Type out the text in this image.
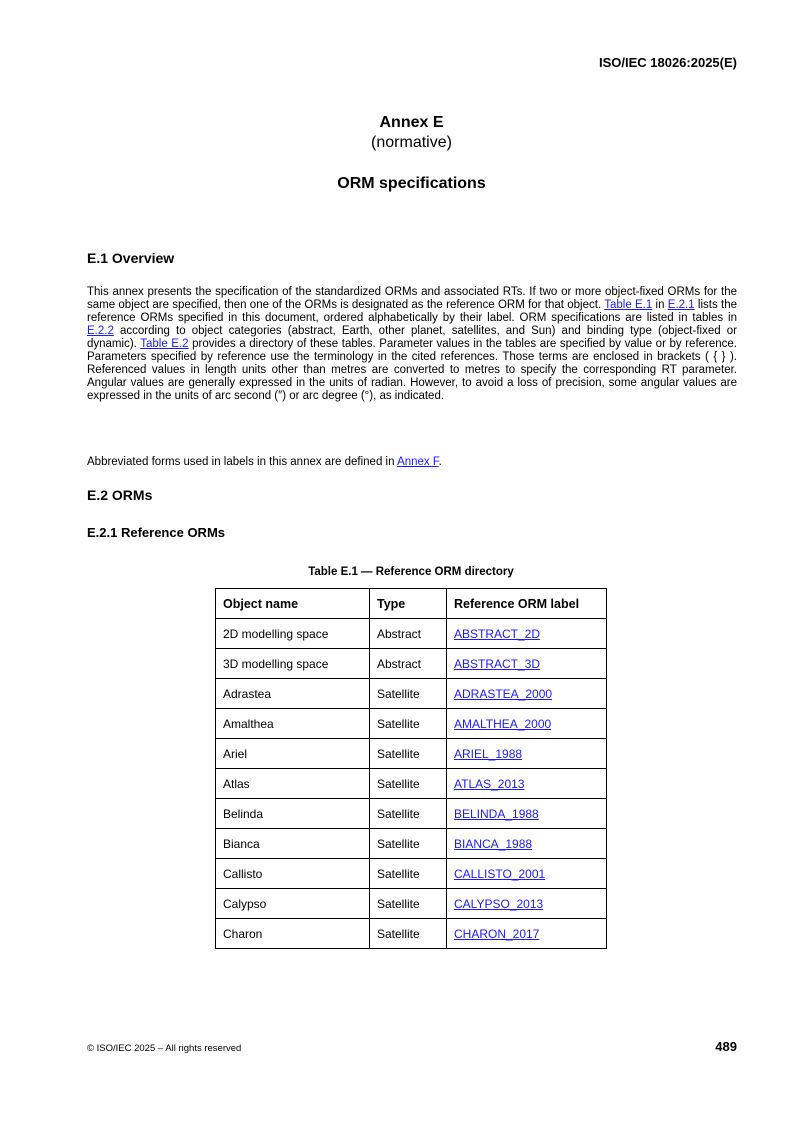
ISO/IEC 18026:2025(E)
Annex E
(normative)
ORM specifications
E.1 Overview
This annex presents the specification of the standardized ORMs and associated RTs. If two or more object-fixed ORMs for the same object are specified, then one of the ORMs is designated as the reference ORM for that object. Table E.1 in E.2.1 lists the reference ORMs specified in this document, ordered alphabetically by their label. ORM specifications are listed in tables in E.2.2 according to object categories (abstract, Earth, other planet, satellites, and Sun) and binding type (object-fixed or dynamic). Table E.2 provides a directory of these tables. Parameter values in the tables are specified by value or by reference. Parameters specified by reference use the terminology in the cited references. Those terms are enclosed in brackets ( { } ). Referenced values in length units other than metres are converted to metres to specify the corresponding RT parameter. Angular values are generally expressed in the units of radian. However, to avoid a loss of precision, some angular values are expressed in the units of arc second (″) or arc degree (°), as indicated.
Abbreviated forms used in labels in this annex are defined in Annex F.
E.2 ORMs
E.2.1 Reference ORMs
Table E.1 — Reference ORM directory
Object name	Type	Reference ORM label
2D modelling space	Abstract	ABSTRACT_2D
3D modelling space	Abstract	ABSTRACT_3D
Adrastea	Satellite	ADRASTEA_2000
Amalthea	Satellite	AMALTHEA_2000
Ariel	Satellite	ARIEL_1988
Atlas	Satellite	ATLAS_2013
Belinda	Satellite	BELINDA_1988
Bianca	Satellite	BIANCA_1988
Callisto	Satellite	CALLISTO_2001
Calypso	Satellite	CALYPSO_2013
Charon	Satellite	CHARON_2017
© ISO/IEC 2025 – All rights reserved	489
